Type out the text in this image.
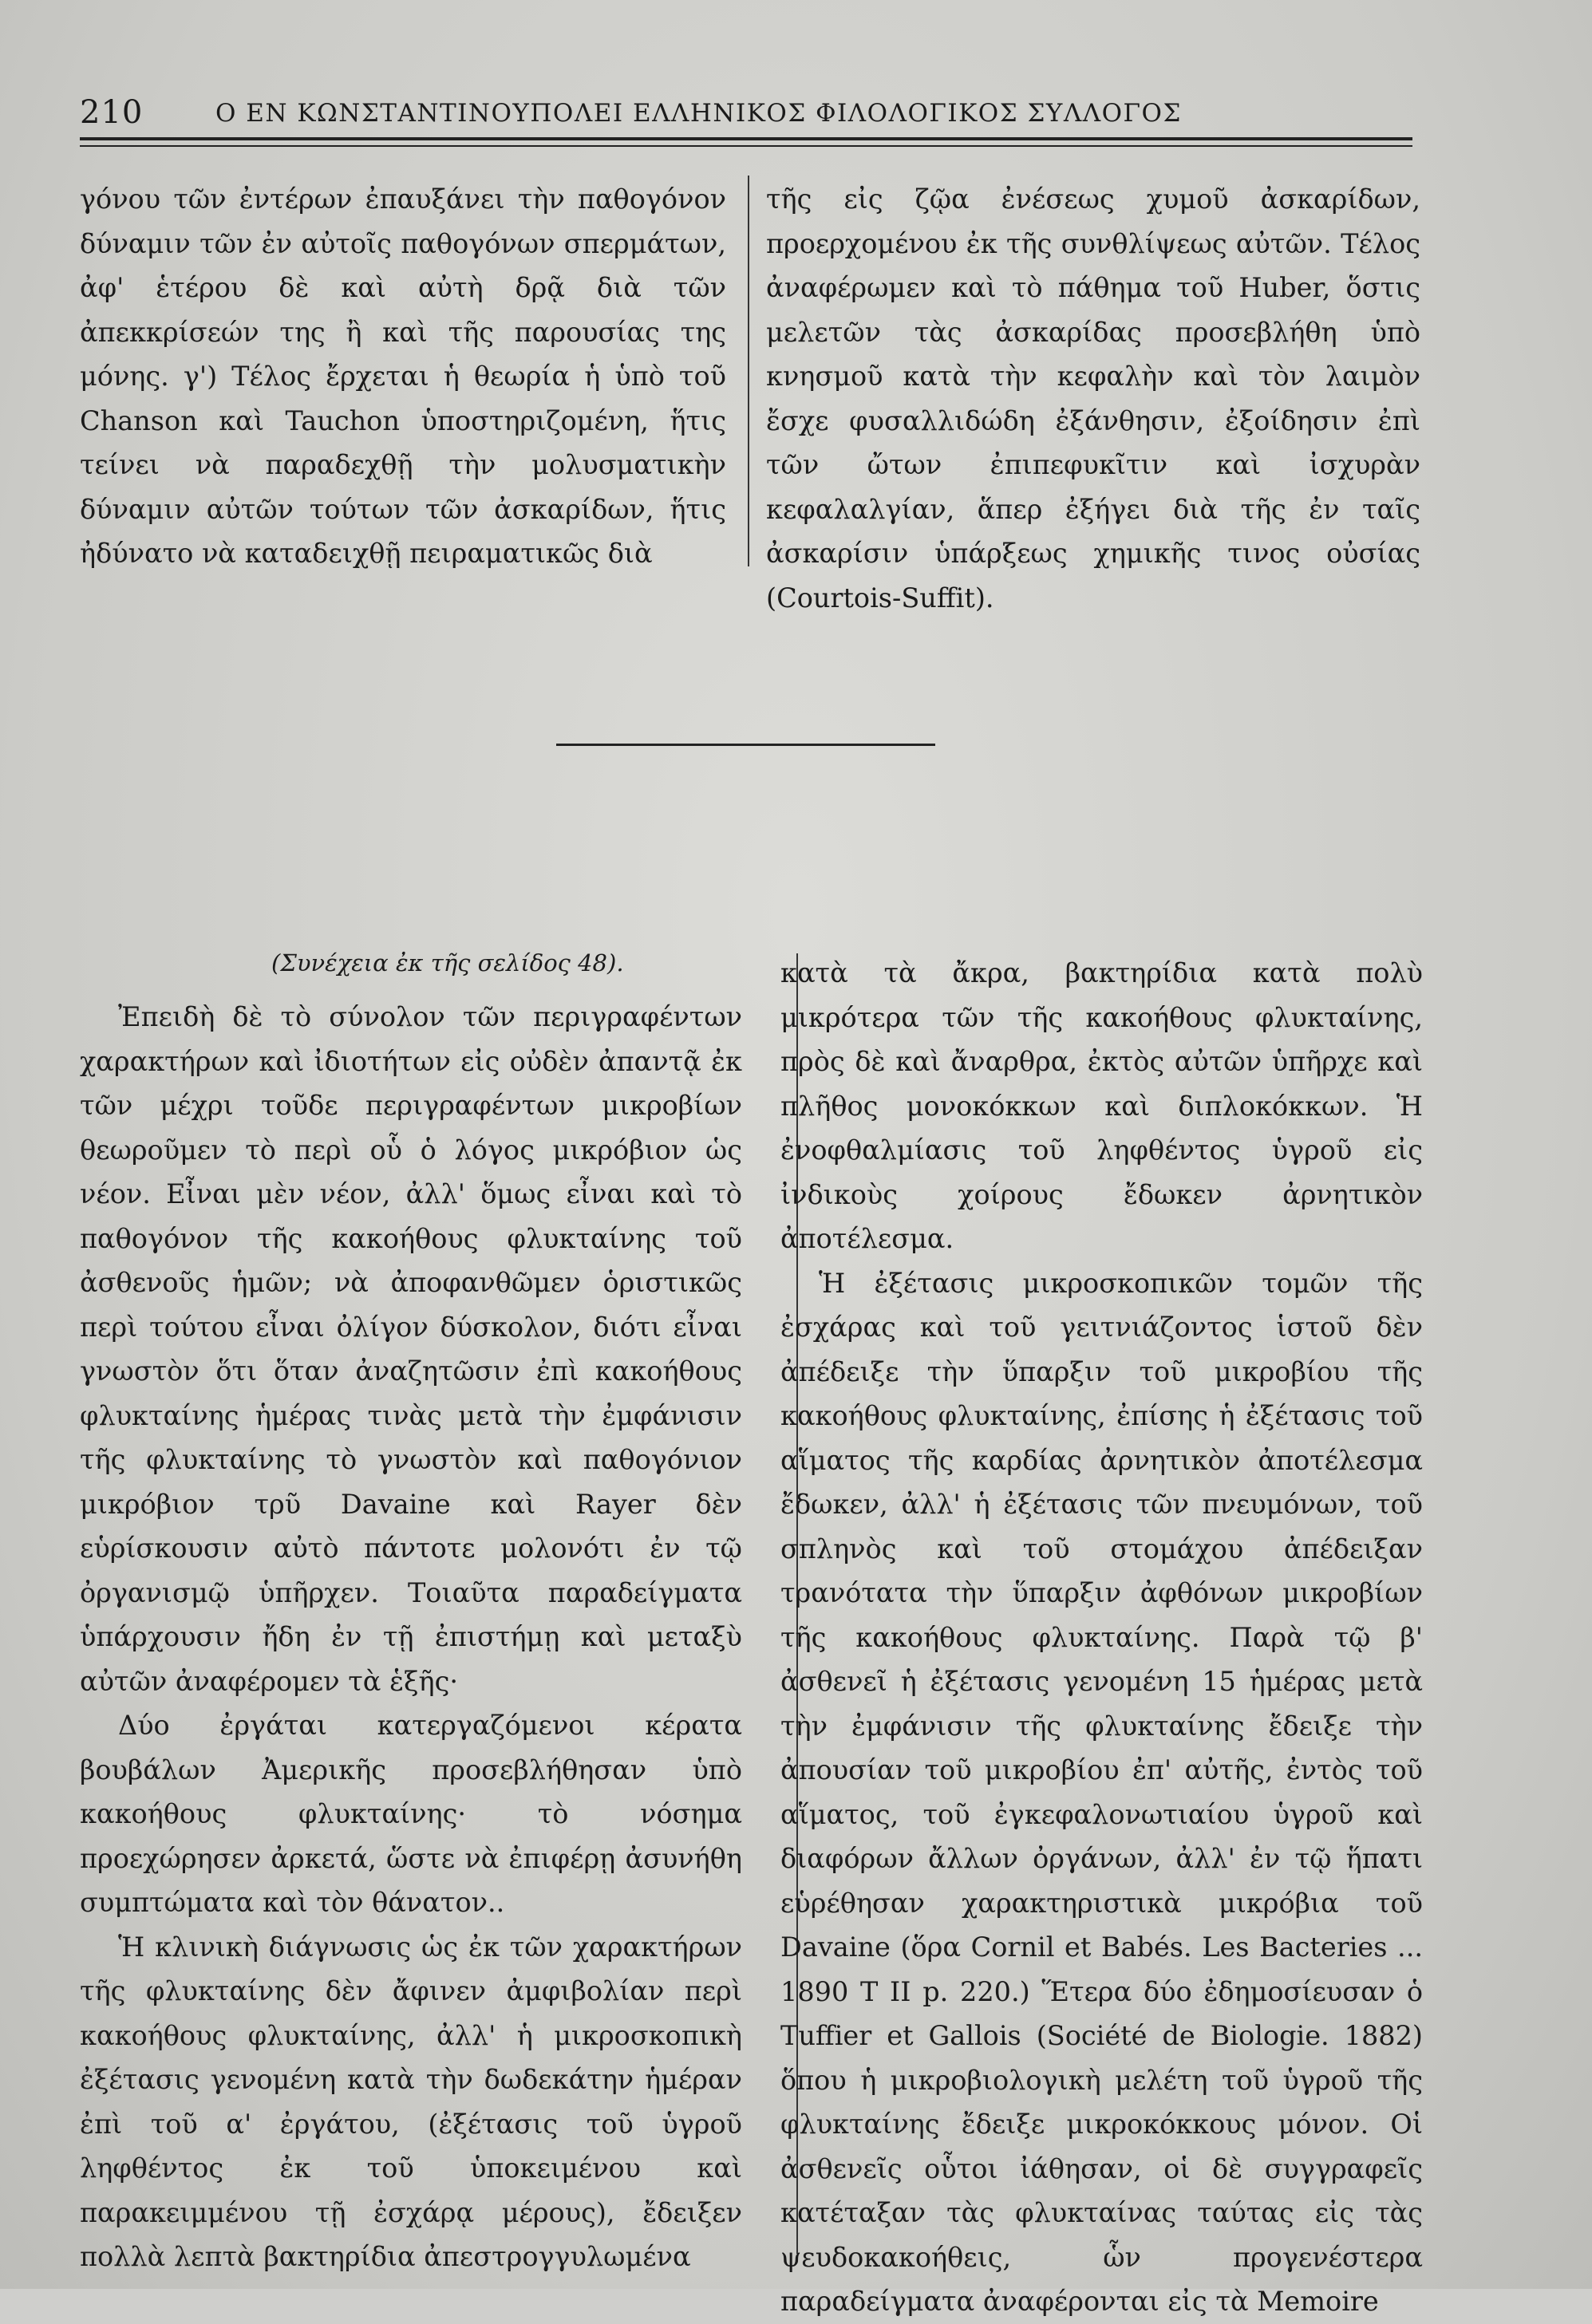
210	Ο ΕΝ ΚΩΝΣΤΑΝΤΙΝΟΥΠΟΛΕΙ ΕΛΛΗΝΙΚΟΣ ΦΙΛΟΛΟΓΙΚΟΣ ΣΥΛΛΟΓΟΣ

γόνου τῶν ἐντέρων ἐπαυξάνει τὴν παθογόνον δύναμιν τῶν ἐν αὐτοῖς παθογόνων σπερμάτων, ἀφ' ἑτέρου δὲ καὶ αὐτὴ δρᾷ διὰ τῶν ἀπεκκρίσεών της ἢ καὶ τῆς παρουσίας της μόνης. γ') Τέλος ἔρχεται ἡ θεωρία ἡ ὑπὸ τοῦ Chanson καὶ Tauchon ὑποστηριζομένη, ἥτις τείνει νὰ παραδεχθῇ τὴν μολυσματικὴν δύναμιν αὐτῶν τούτων τῶν ἀσκαρίδων, ἥτις ἠδύνατο νὰ καταδειχθῇ πειραματικῶς διὰ

τῆς εἰς ζῷα ἐνέσεως χυμοῦ ἀσκαρίδων, προερχομένου ἐκ τῆς συνθλίψεως αὐτῶν. Τέλος ἀναφέρωμεν καὶ τὸ πάθημα τοῦ Huber, ὅστις μελετῶν τὰς ἀσκαρίδας προσεβλήθη ὑπὸ κνησμοῦ κατὰ τὴν κεφαλὴν καὶ τὸν λαιμὸν ἔσχε φυσαλλιδώδη ἐξάνθησιν, ἐξοίδησιν ἐπὶ τῶν ὤτων ἐπιπεφυκῖτιν καὶ ἰσχυρὰν κεφαλαλγίαν, ἅπερ ἐξήγει διὰ τῆς ἐν ταῖς ἀσκαρίσιν ὑπάρξεως χημικῆς τινος οὐσίας (Courtois-Suffit).

(Συνέχεια ἐκ τῆς σελίδος 48).

Ἐπειδὴ δὲ τὸ σύνολον τῶν περιγραφέντων χαρακτήρων καὶ ἰδιοτήτων εἰς οὐδὲν ἀπαντᾷ ἐκ τῶν μέχρι τοῦδε περιγραφέντων μικροβίων θεωροῦμεν τὸ περὶ οὗ ὁ λόγος μικρόβιον ὡς νέον. Εἶναι μὲν νέον, ἀλλ' ὅμως εἶναι καὶ τὸ παθογόνον τῆς κακοήθους φλυκταίνης τοῦ ἀσθενοῦς ἡμῶν; νὰ ἀποφανθῶμεν ὁριστικῶς περὶ τούτου εἶναι ὀλίγον δύσκολον, διότι εἶναι γνωστὸν ὅτι ὅταν ἀναζητῶσιν ἐπὶ κακοήθους φλυκταίνης ἡμέρας τινὰς μετὰ τὴν ἐμφάνισιν τῆς φλυκταίνης τὸ γνωστὸν καὶ παθογόνιον μικρόβιον τρῦ Davaine καὶ Rayer δὲν εὑρίσκουσιν αὐτὸ πάντοτε μολονότι ἐν τῷ ὀργανισμῷ ὑπῆρχεν. Τοιαῦτα παραδείγματα ὑπάρχουσιν ἤδη ἐν τῇ ἐπιστήμῃ καὶ μεταξὺ αὐτῶν ἀναφέρομεν τὰ ἑξῆς·

Δύο ἐργάται κατεργαζόμενοι κέρατα βουβάλων Ἀμερικῆς προσεβλήθησαν ὑπὸ κακοήθους φλυκταίνης· τὸ νόσημα προεχώρησεν ἀρκετά, ὥστε νὰ ἐπιφέρῃ ἀσυνήθη συμπτώματα καὶ τὸν θάνατον..

Ἡ κλινικὴ διάγνωσις ὡς ἐκ τῶν χαρακτήρων τῆς φλυκταίνης δὲν ἄφινεν ἀμφιβολίαν περὶ κακοήθους φλυκταίνης, ἀλλ' ἡ μικροσκοπικὴ ἐξέτασις γενομένη κατὰ τὴν δωδεκάτην ἡμέραν ἐπὶ τοῦ α' ἐργάτου, (ἐξέτασις τοῦ ὑγροῦ ληφθέντος ἐκ τοῦ ὑποκειμένου καὶ παρακειμμένου τῇ ἐσχάρᾳ μέρους), ἔδειξεν πολλὰ λεπτὰ βακτηρίδια ἀπεστρογγυλωμένα

κατὰ τὰ ἄκρα, βακτηρίδια κατὰ πολὺ μικρότερα τῶν τῆς κακοήθους φλυκταίνης, πρὸς δὲ καὶ ἄναρθρα, ἐκτὸς αὐτῶν ὑπῆρχε καὶ πλῆθος μονοκόκκων καὶ διπλοκόκκων. Ἡ ἐνοφθαλμίασις τοῦ ληφθέντος ὑγροῦ εἰς ἰνδικοὺς χοίρους ἔδωκεν ἀρνητικὸν ἀποτέλεσμα.

Ἡ ἐξέτασις μικροσκοπικῶν τομῶν τῆς ἐσχάρας καὶ τοῦ γειτνιάζοντος ἱστοῦ δὲν ἀπέδειξε τὴν ὕπαρξιν τοῦ μικροβίου τῆς κακοήθους φλυκταίνης, ἐπίσης ἡ ἐξέτασις τοῦ αἵματος τῆς καρδίας ἀρνητικὸν ἀποτέλεσμα ἔδωκεν, ἀλλ' ἡ ἐξέτασις τῶν πνευμόνων, τοῦ σπληνὸς καὶ τοῦ στομάχου ἀπέδειξαν τρανότατα τὴν ὕπαρξιν ἀφθόνων μικροβίων τῆς κακοήθους φλυκταίνης. Παρὰ τῷ β' ἀσθενεῖ ἡ ἐξέτασις γενομένη 15 ἡμέρας μετὰ τὴν ἐμφάνισιν τῆς φλυκταίνης ἔδειξε τὴν ἀπουσίαν τοῦ μικροβίου ἐπ' αὐτῆς, ἐντὸς τοῦ αἵματος, τοῦ ἐγκεφαλονωτιαίου ὑγροῦ καὶ διαφόρων ἄλλων ὀργάνων, ἀλλ' ἐν τῷ ἥπατι εὑρέθησαν χαρακτηριστικὰ μικρόβια τοῦ Davaine (ὅρα Cornil et Babés. Les Bacteries ... 1890 T II p. 220.) Ἕτερα δύο ἐδημοσίευσαν ὁ Tuffier et Gallois (Société de Biologie. 1882) ὅπου ἡ μικροβιολογικὴ μελέτη τοῦ ὑγροῦ τῆς φλυκταίνης ἔδειξε μικροκόκκους μόνον. Οἱ ἀσθενεῖς οὗτοι ἰάθησαν, οἱ δὲ συγγραφεῖς κατέταξαν τὰς φλυκταίνας ταύτας εἰς τὰς ψευδοκακοήθεις, ὧν προγενέστερα παραδείγματα ἀναφέρονται εἰς τὰ Memoire
